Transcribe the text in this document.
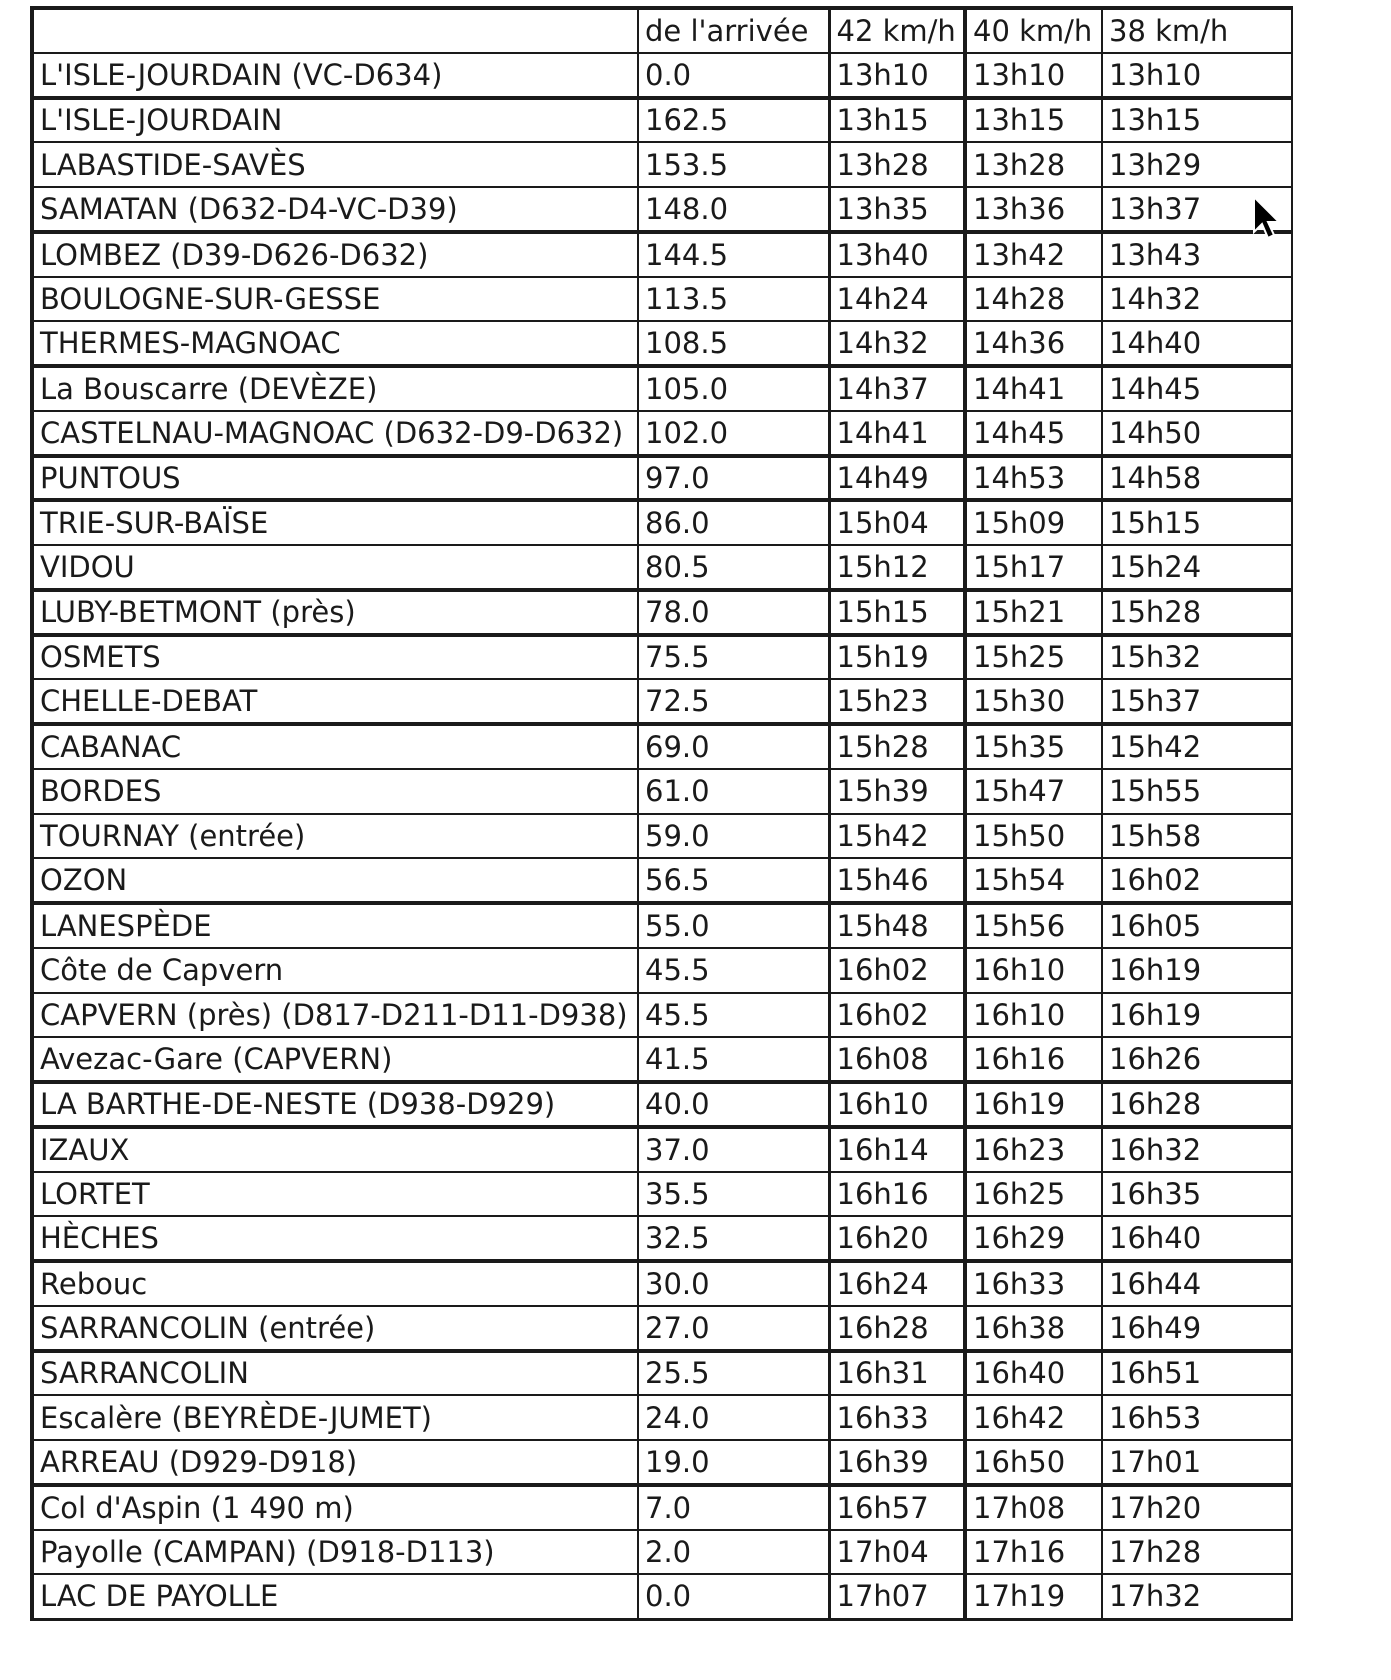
	de l'arrivée	42 km/h	40 km/h	38 km/h
L'ISLE-JOURDAIN (VC-D634)	0.0	13h10	13h10	13h10
L'ISLE-JOURDAIN	162.5	13h15	13h15	13h15
LABASTIDE-SAVÈS	153.5	13h28	13h28	13h29
SAMATAN (D632-D4-VC-D39)	148.0	13h35	13h36	13h37
LOMBEZ (D39-D626-D632)	144.5	13h40	13h42	13h43
BOULOGNE-SUR-GESSE	113.5	14h24	14h28	14h32
THERMES-MAGNOAC	108.5	14h32	14h36	14h40
La Bouscarre (DEVÈZE)	105.0	14h37	14h41	14h45
CASTELNAU-MAGNOAC (D632-D9-D632)	102.0	14h41	14h45	14h50
PUNTOUS	97.0	14h49	14h53	14h58
TRIE-SUR-BAÏSE	86.0	15h04	15h09	15h15
VIDOU	80.5	15h12	15h17	15h24
LUBY-BETMONT (près)	78.0	15h15	15h21	15h28
OSMETS	75.5	15h19	15h25	15h32
CHELLE-DEBAT	72.5	15h23	15h30	15h37
CABANAC	69.0	15h28	15h35	15h42
BORDES	61.0	15h39	15h47	15h55
TOURNAY (entrée)	59.0	15h42	15h50	15h58
OZON	56.5	15h46	15h54	16h02
LANESPÈDE	55.0	15h48	15h56	16h05
Côte de Capvern	45.5	16h02	16h10	16h19
CAPVERN (près) (D817-D211-D11-D938)	45.5	16h02	16h10	16h19
Avezac-Gare (CAPVERN)	41.5	16h08	16h16	16h26
LA BARTHE-DE-NESTE (D938-D929)	40.0	16h10	16h19	16h28
IZAUX	37.0	16h14	16h23	16h32
LORTET	35.5	16h16	16h25	16h35
HÈCHES	32.5	16h20	16h29	16h40
Rebouc	30.0	16h24	16h33	16h44
SARRANCOLIN (entrée)	27.0	16h28	16h38	16h49
SARRANCOLIN	25.5	16h31	16h40	16h51
Escalère (BEYRÈDE-JUMET)	24.0	16h33	16h42	16h53
ARREAU (D929-D918)	19.0	16h39	16h50	17h01
Col d'Aspin (1 490 m)	7.0	16h57	17h08	17h20
Payolle (CAMPAN) (D918-D113)	2.0	17h04	17h16	17h28
LAC DE PAYOLLE	0.0	17h07	17h19	17h32
